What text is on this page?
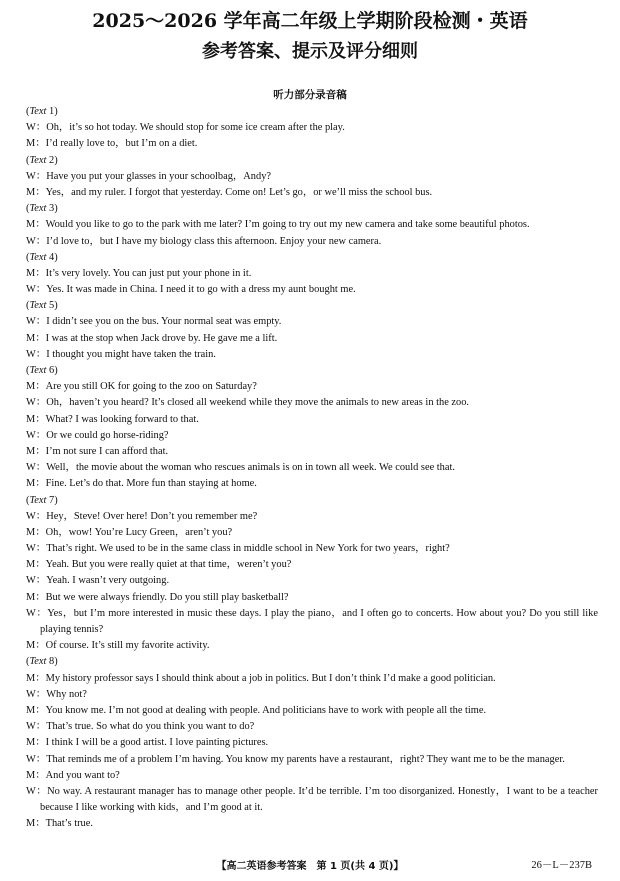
2025～2026 学年高二年级上学期阶段检测・英语
参考答案、提示及评分细则
听力部分录音稿
(Text 1)
W：Oh，it’s so hot today. We should stop for some ice cream after the play.
M：I’d really love to，but I’m on a diet.
(Text 2)
W：Have you put your glasses in your schoolbag，Andy?
M：Yes，and my ruler. I forgot that yesterday. Come on! Let’s go，or we’ll miss the school bus.
(Text 3)
M：Would you like to go to the park with me later? I’m going to try out my new camera and take some beautiful photos.
W：I’d love to，but I have my biology class this afternoon. Enjoy your new camera.
(Text 4)
M：It’s very lovely. You can just put your phone in it.
W：Yes. It was made in China. I need it to go with a dress my aunt bought me.
(Text 5)
W：I didn’t see you on the bus. Your normal seat was empty.
M：I was at the stop when Jack drove by. He gave me a lift.
W：I thought you might have taken the train.
(Text 6)
M：Are you still OK for going to the zoo on Saturday?
W：Oh，haven’t you heard? It’s closed all weekend while they move the animals to new areas in the zoo.
M：What? I was looking forward to that.
W：Or we could go horse-riding?
M：I’m not sure I can afford that.
W：Well，the movie about the woman who rescues animals is on in town all week. We could see that.
M：Fine. Let’s do that. More fun than staying at home.
(Text 7)
W：Hey，Steve! Over here! Don’t you remember me?
M：Oh，wow! You’re Lucy Green，aren’t you?
W：That’s right. We used to be in the same class in middle school in New York for two years，right?
M：Yeah. But you were really quiet at that time，weren’t you?
W：Yeah. I wasn’t very outgoing.
M：But we were always friendly. Do you still play basketball?
W：Yes，but I’m more interested in music these days. I play the piano，and I often go to concerts. How about you? Do you still like playing tennis?
M：Of course. It’s still my favorite activity.
(Text 8)
M：My history professor says I should think about a job in politics. But I don’t think I’d make a good politician.
W：Why not?
M：You know me. I’m not good at dealing with people. And politicians have to work with people all the time.
W：That’s true. So what do you think you want to do?
M：I think I will be a good artist. I love painting pictures.
W：That reminds me of a problem I’m having. You know my parents have a restaurant，right? They want me to be the manager.
M：And you want to?
W：No way. A restaurant manager has to manage other people. It’d be terrible. I’m too disorganized. Honestly，I want to be a teacher because I like working with kids，and I’m good at it.
M：That’s true.
【高二英语参考答案　第 1 页(共 4 页)】	26－L－237B
